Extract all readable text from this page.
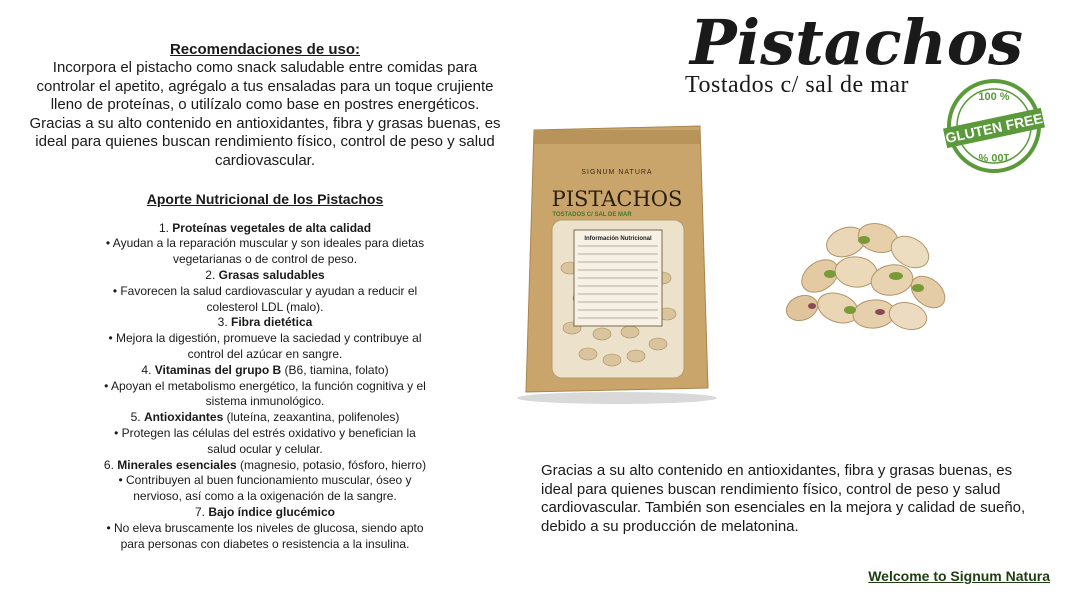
Recomendaciones de uso:

Incorpora el pistacho como snack saludable entre comidas para controlar el apetito, agrégalo a tus ensaladas para un toque crujiente lleno de proteínas, o utilízalo como base en postres energéticos. Gracias a su alto contenido en antioxidantes, fibra y grasas buenas, es ideal para quienes buscan rendimiento físico, control de peso y salud cardiovascular.

Aporte Nutricional de los Pistachos

1. Proteínas vegetales de alta calidad

• Ayudan a la reparación muscular y son ideales para dietas vegetarianas o de control de peso.

2. Grasas saludables

• Favorecen la salud cardiovascular y ayudan a reducir el colesterol LDL (malo).

3. Fibra dietética

• Mejora la digestión, promueve la saciedad y contribuye al control del azúcar en sangre.

4. Vitaminas del grupo B (B6, tiamina, folato)

• Apoyan el metabolismo energético, la función cognitiva y el sistema inmunológico.

5. Antioxidantes (luteína, zeaxantina, polifenoles)

• Protegen las células del estrés oxidativo y benefician la salud ocular y celular.

6. Minerales esenciales (magnesio, potasio, fósforo, hierro)

• Contribuyen al buen funcionamiento muscular, óseo y nervioso, así como a la oxigenación de la sangre.

7. Bajo índice glucémico

• No eleva bruscamente los niveles de glucosa, siendo apto para personas con diabetes o resistencia a la insulina.

Pistachos

Tostados c/ sal de mar	100 %
GLUTEN FREE
100 %
SIGNUM NATURA
PISTACHOS
TOSTADOS C/ SAL DE MAR
Información Nutricional

Gracias a su alto contenido en antioxidantes, fibra y grasas buenas, es ideal para quienes buscan rendimiento físico, control de peso y salud cardiovascular. También son esenciales en la mejora y calidad de sueño, debido a su producción de melatonina.

Welcome to Signum Natura
